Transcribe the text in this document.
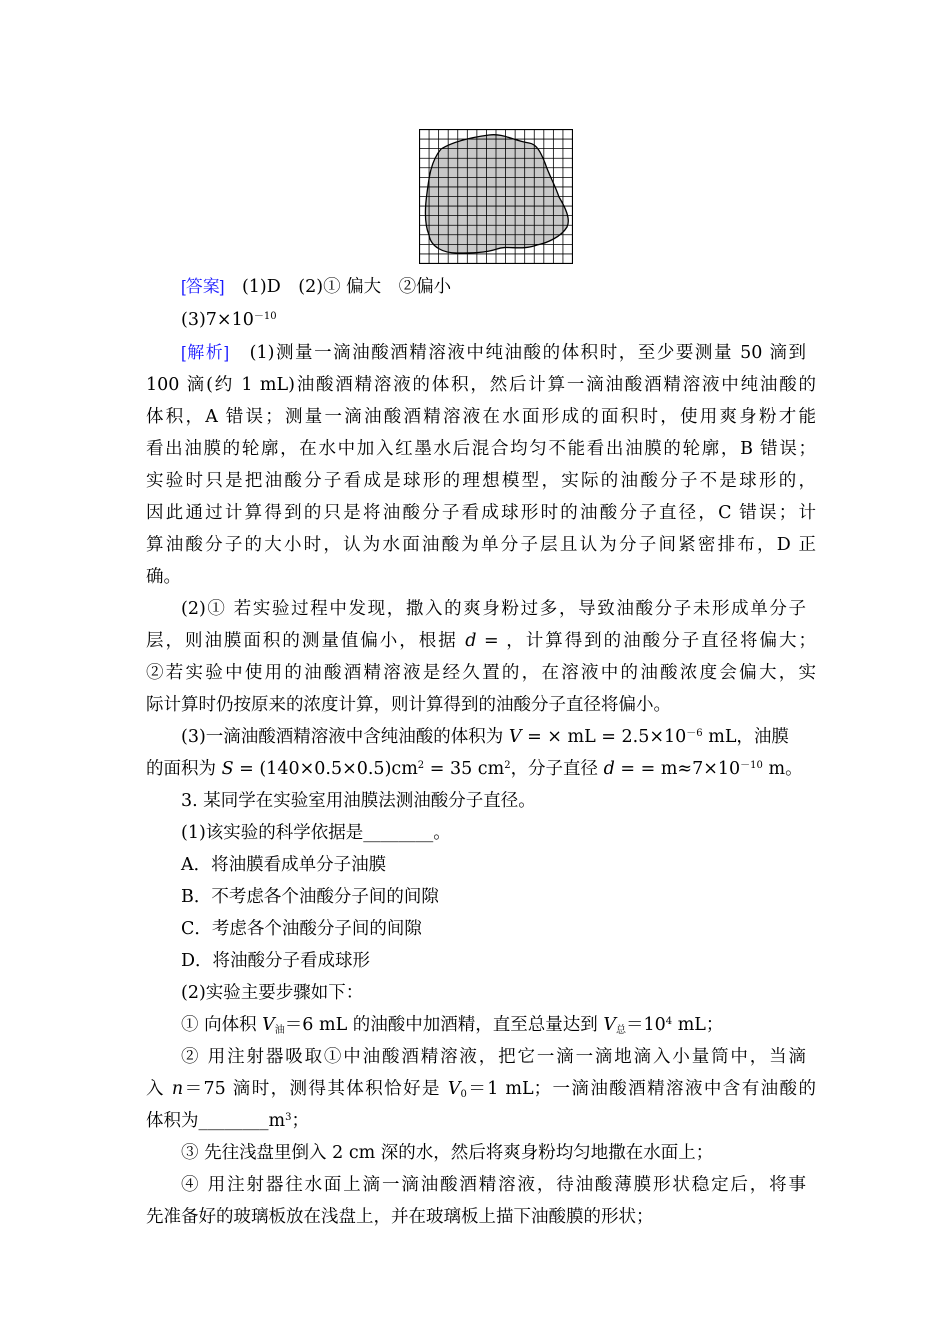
[答案]　 (1)D　 (2)① 偏大　②偏小
$(3)7\times 10^{-10}$
[解析]　 (1)测量一滴油酸酒精溶液中纯油酸的体积时，至少要测量 50 滴到
100 滴(约 1 mL)油酸酒精溶液的体积，然后计算一滴油酸酒精溶液中纯油酸的
体积，A 错误；测量一滴油酸酒精溶液在水面形成的面积时，使用爽身粉才能
看出油膜的轮廓，在水中加入红墨水后混合均匀不能看出油膜的轮廓，B 错误；
实验时只是把油酸分子看成是球形的理想模型，实际的油酸分子不是球形的，
因此通过计算得到的只是将油酸分子看成球形时的油酸分子直径，C 错误；计
算油酸分子的大小时，认为水面油酸为单分子层且认为分子间紧密排布，D 正
确。
(2)① 若实验过程中发现，撒入的爽身粉过多，导致油酸分子未形成单分子
层，则油膜面积的测量值偏小，根据 d = ，计算得到的油酸分子直径将偏大；
②若实验中使用的油酸酒精溶液是经久置的，在溶液中的油酸浓度会偏大，实
际计算时仍按原来的浓度计算，则计算得到的油酸分子直径将偏小。
(3)一滴油酸酒精溶液中含纯油酸的体积为 V = × mL = $2.5\times 10^{-6}$ mL，油膜
的面积为 $S = (140\times 0.5\times 0.5)cm^2 = 35$ $cm^2$，分子直径 d = = $m\approx 7\times 10^{-10}$ m。
3. 某同学在实验室用油膜法测油酸分子直径。
(1)该实验的科学依据是________。
A．将油膜看成单分子油膜
B．不考虑各个油酸分子间的间隙
C．考虑各个油酸分子间的间隙
D．将油酸分子看成球形
(2)实验主要步骤如下：
① 向体积 $V_油=6$ mL 的油酸中加酒精，直至总量达到 $V_总=10^4$ mL；
② 用注射器吸取①中油酸酒精溶液，把它一滴一滴地滴入小量筒中，当滴
入 n＝75 滴时，测得其体积恰好是 $V_0=1$ mL；一滴油酸酒精溶液中含有油酸的
体积为$\_\_\_\_\_\_\_\_m^3$；
③ 先往浅盘里倒入 2 cm 深的水，然后将爽身粉均匀地撒在水面上；
④ 用注射器往水面上滴一滴油酸酒精溶液，待油酸薄膜形状稳定后，将事
先准备好的玻璃板放在浅盘上，并在玻璃板上描下油酸膜的形状；
